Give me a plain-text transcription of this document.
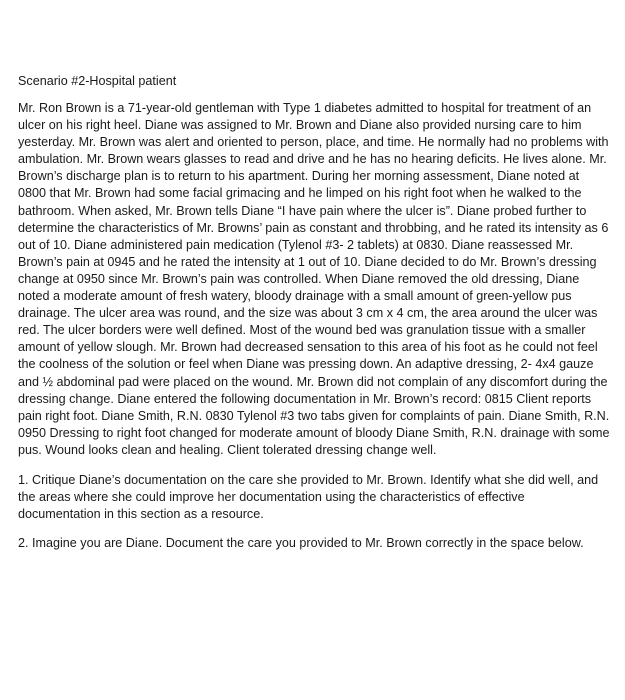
Scenario #2-Hospital patient

Mr. Ron Brown is a 71-year-old gentleman with Type 1 diabetes admitted to hospital for treatment of an ulcer on his right heel. Diane was assigned to Mr. Brown and Diane also provided nursing care to him yesterday. Mr. Brown was alert and oriented to person, place, and time. He normally had no problems with ambulation. Mr. Brown wears glasses to read and drive and he has no hearing deficits. He lives alone. Mr. Brown’s discharge plan is to return to his apartment. During her morning assessment, Diane noted at 0800 that Mr. Brown had some facial grimacing and he limped on his right foot when he walked to the bathroom. When asked, Mr. Brown tells Diane “I have pain where the ulcer is”. Diane probed further to determine the characteristics of Mr. Browns’ pain as constant and throbbing, and he rated its intensity as 6 out of 10. Diane administered pain medication (Tylenol #3- 2 tablets) at 0830. Diane reassessed Mr. Brown’s pain at 0945 and he rated the intensity at 1 out of 10. Diane decided to do Mr. Brown’s dressing change at 0950 since Mr. Brown’s pain was controlled. When Diane removed the old dressing, Diane noted a moderate amount of fresh watery, bloody drainage with a small amount of green-yellow pus drainage. The ulcer area was round, and the size was about 3 cm x 4 cm, the area around the ulcer was red. The ulcer borders were well defined. Most of the wound bed was granulation tissue with a smaller amount of yellow slough. Mr. Brown had decreased sensation to this area of his foot as he could not feel the coolness of the solution or feel when Diane was pressing down. An adaptive dressing, 2- 4x4 gauze and ½ abdominal pad were placed on the wound. Mr. Brown did not complain of any discomfort during the dressing change. Diane entered the following documentation in Mr. Brown’s record: 0815 Client reports pain right foot. Diane Smith, R.N. 0830 Tylenol #3 two tabs given for complaints of pain. Diane Smith, R.N. 0950 Dressing to right foot changed for moderate amount of bloody Diane Smith, R.N. drainage with some pus. Wound looks clean and healing. Client tolerated dressing change well.

1. Critique Diane’s documentation on the care she provided to Mr. Brown. Identify what she did well, and the areas where she could improve her documentation using the characteristics of effective documentation in this section as a resource.

2. Imagine you are Diane. Document the care you provided to Mr. Brown correctly in the space below.
